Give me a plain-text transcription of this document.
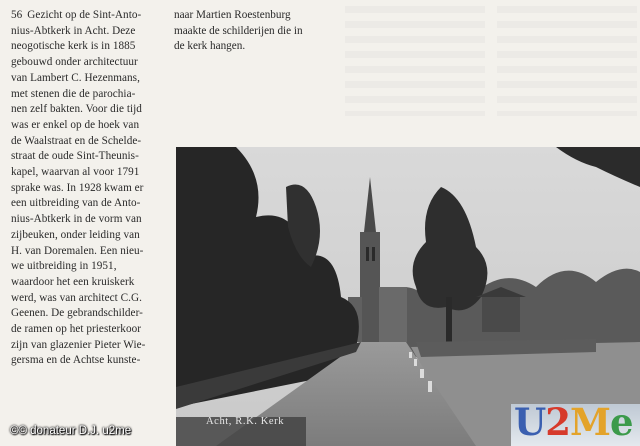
56 Gezicht op de Sint-Anto-
nius-Abtkerk in Acht. Deze
neogotische kerk is in 1885
gebouwd onder architectuur
van Lambert C. Hezenmans,
met stenen die de parochia-
nen zelf bakten. Voor die tijd
was er enkel op de hoek van
de Waalstraat en de Schelde-
straat de oude Sint-Theunis-
kapel, waarvan al voor 1791
sprake was. In 1928 kwam er
een uitbreiding van de Anto-
nius-Abtkerk in de vorm van
zijbeuken, onder leiding van
H. van Doremalen. Een nieu-
we uitbreiding in 1951,
waardoor het een kruiskerk
werd, was van architect C.G.
Geenen. De gebrandschilder-
de ramen op het priesterkoor
zijn van glazenier Pieter Wie-
gersma en de Achtse kunste-
naar Martien Roestenburg
maakte de schilderijen die in
de kerk hangen.
Acht, R.K. Kerk	U2Me
©© donateur D.J. u2me
